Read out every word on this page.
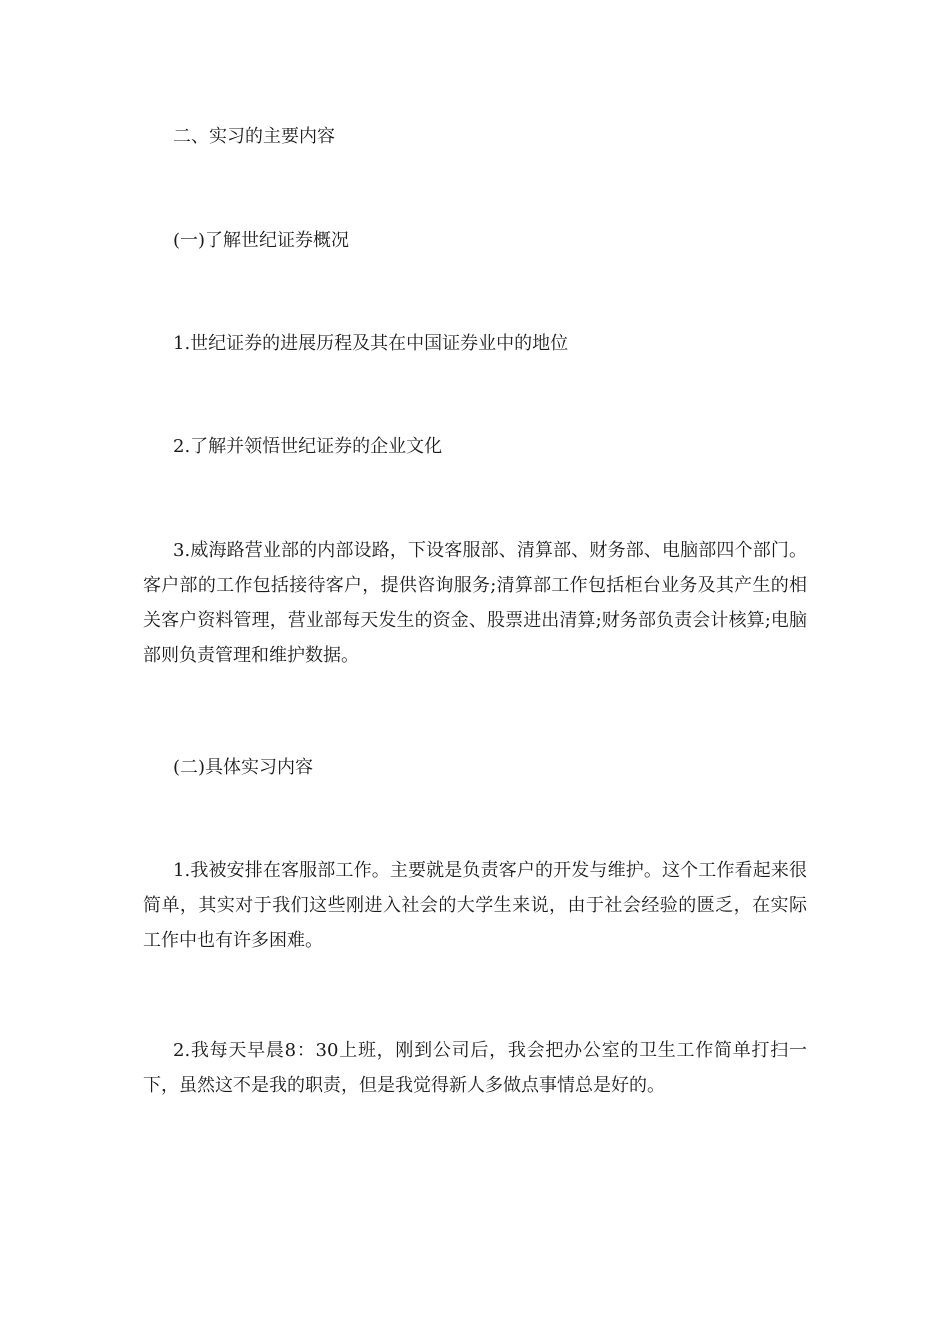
二、实习的主要内容

(一)了解世纪证券概况

1.世纪证券的进展历程及其在中国证券业中的地位

2.了解并领悟世纪证券的企业文化

3.威海路营业部的内部设路，下设客服部、清算部、财务部、电脑部四个部门。客户部的工作包括接待客户，提供咨询服务;清算部工作包括柜台业务及其产生的相关客户资料管理，营业部每天发生的资金、股票进出清算;财务部负责会计核算;电脑部则负责管理和维护数据。

(二)具体实习内容

1.我被安排在客服部工作。主要就是负责客户的开发与维护。这个工作看起来很简单，其实对于我们这些刚进入社会的大学生来说，由于社会经验的匮乏，在实际工作中也有许多困难。

2.我每天早晨8：30上班，刚到公司后，我会把办公室的卫生工作简单打扫一下，虽然这不是我的职责，但是我觉得新人多做点事情总是好的。
